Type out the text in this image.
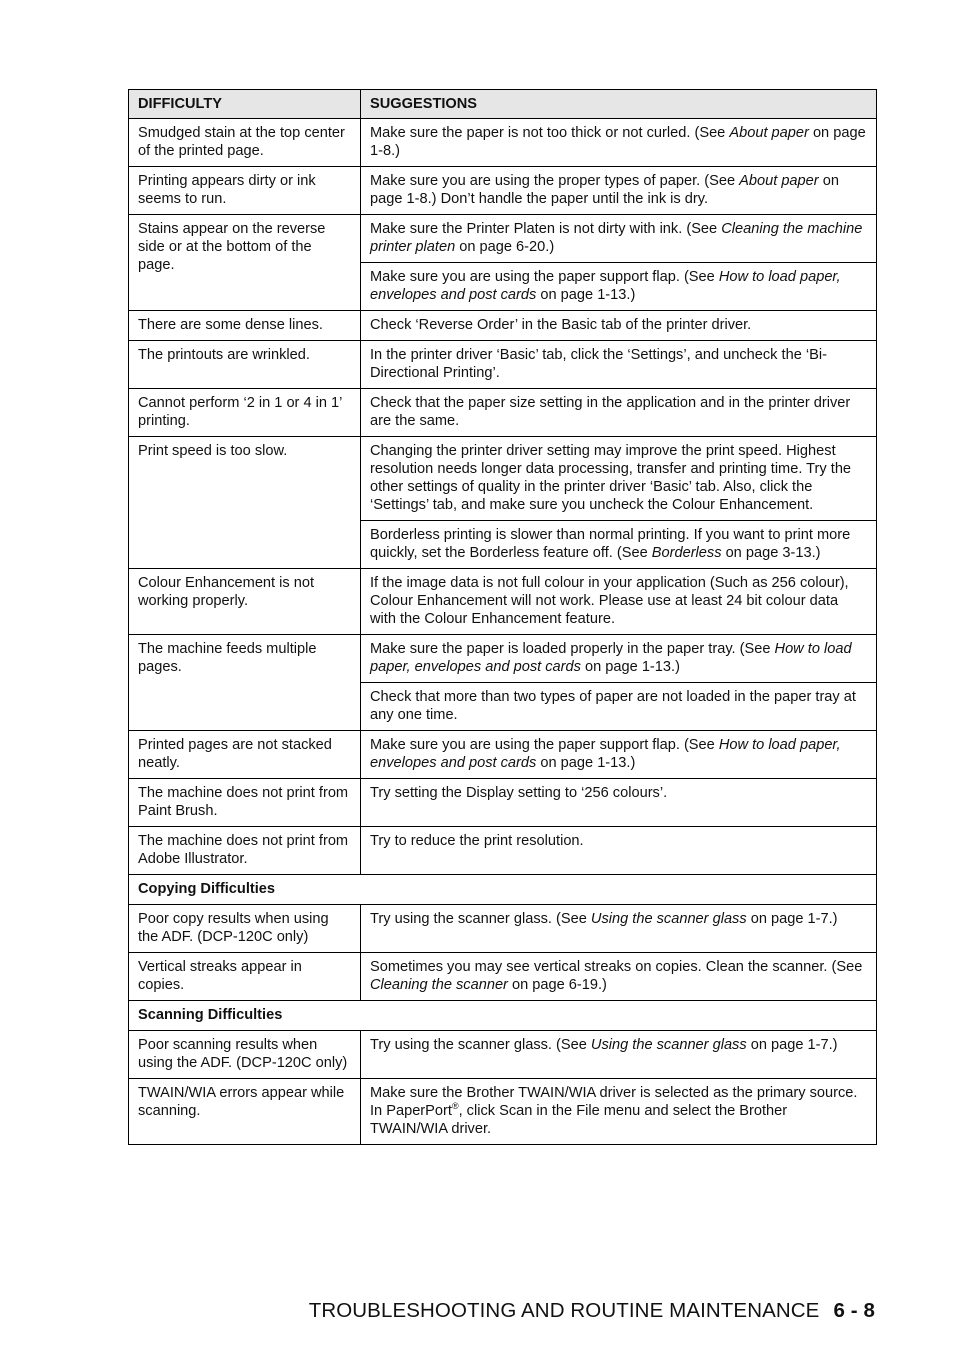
DIFFICULTY	SUGGESTIONS
Smudged stain at the top center of the printed page.	Make sure the paper is not too thick or not curled. (See About paper on page 1-8.)
Printing appears dirty or ink seems to run.	Make sure you are using the proper types of paper. (See About paper on page 1-8.) Don’t handle the paper until the ink is dry.
Stains appear on the reverse side or at the bottom of the page.	Make sure the Printer Platen is not dirty with ink. (See Cleaning the machine printer platen on page 6-20.)
	Make sure you are using the paper support flap. (See How to load paper, envelopes and post cards on page 1-13.)
There are some dense lines.	Check ‘Reverse Order’ in the Basic tab of the printer driver.
The printouts are wrinkled.	In the printer driver ‘Basic’ tab, click the ‘Settings’, and uncheck the ‘Bi-Directional Printing’.
Cannot perform ‘2 in 1 or 4 in 1’ printing.	Check that the paper size setting in the application and in the printer driver are the same.
Print speed is too slow.	Changing the printer driver setting may improve the print speed. Highest resolution needs longer data processing, transfer and printing time. Try the other settings of quality in the printer driver ‘Basic’ tab. Also, click the ‘Settings’ tab, and make sure you uncheck the Colour Enhancement.
	Borderless printing is slower than normal printing. If you want to print more quickly, set the Borderless feature off. (See Borderless on page 3-13.)
Colour Enhancement is not working properly.	If the image data is not full colour in your application (Such as 256 colour), Colour Enhancement will not work. Please use at least 24 bit colour data with the Colour Enhancement feature.
The machine feeds multiple pages.	Make sure the paper is loaded properly in the paper tray. (See How to load paper, envelopes and post cards on page 1-13.)
	Check that more than two types of paper are not loaded in the paper tray at any one time.
Printed pages are not stacked neatly.	Make sure you are using the paper support flap. (See How to load paper, envelopes and post cards on page 1-13.)
The machine does not print from Paint Brush.	Try setting the Display setting to ‘256 colours’.
The machine does not print from Adobe Illustrator.	Try to reduce the print resolution.
Copying Difficulties	
Poor copy results when using the ADF. (DCP-120C only)	Try using the scanner glass. (See Using the scanner glass on page 1-7.)
Vertical streaks appear in copies.	Sometimes you may see vertical streaks on copies. Clean the scanner. (See Cleaning the scanner on page 6-19.)
Scanning Difficulties	
Poor scanning results when using the ADF. (DCP-120C only)	Try using the scanner glass. (See Using the scanner glass on page 1-7.)
TWAIN/WIA errors appear while scanning.	Make sure the Brother TWAIN/WIA driver is selected as the primary source. In PaperPort®, click Scan in the File menu and select the Brother TWAIN/WIA driver.
TROUBLESHOOTING AND ROUTINE MAINTENANCE 6 - 8
